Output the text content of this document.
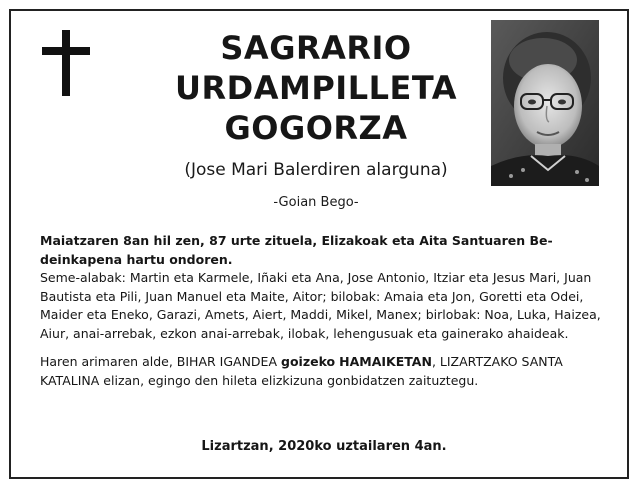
SAGRARIO
URDAMPILLETA
GOGORZA
(Jose Mari Balerdiren alarguna)
-Goian Bego-

Maiatzaren 8an hil zen, 87 urte zituela, Elizakoak eta Aita Santuaren Be-deinkapena hartu ondoren.

Seme-alabak: Martin eta Karmele, Iñaki eta Ana, Jose Antonio, Itziar eta Jesus Mari, Juan Bautista eta Pili, Juan Manuel eta Maite, Aitor; bilobak: Amaia eta Jon, Goretti eta Odei, Maider eta Eneko, Garazi, Amets, Aiert, Maddi, Mikel, Manex; birlobak: Noa, Luka, Haizea, Aiur, anai-arrebak, ezkon anai-arrebak, ilobak, lehengusuak eta gainerako ahaideak.

Haren arimaren alde, BIHAR IGANDEA goizeko HAMAIKETAN, LIZARTZAKO SANTA KATALINA elizan, egingo den hileta elizkizuna gonbidatzen zaituztegu.

Lizartzan, 2020ko uztailaren 4an.
